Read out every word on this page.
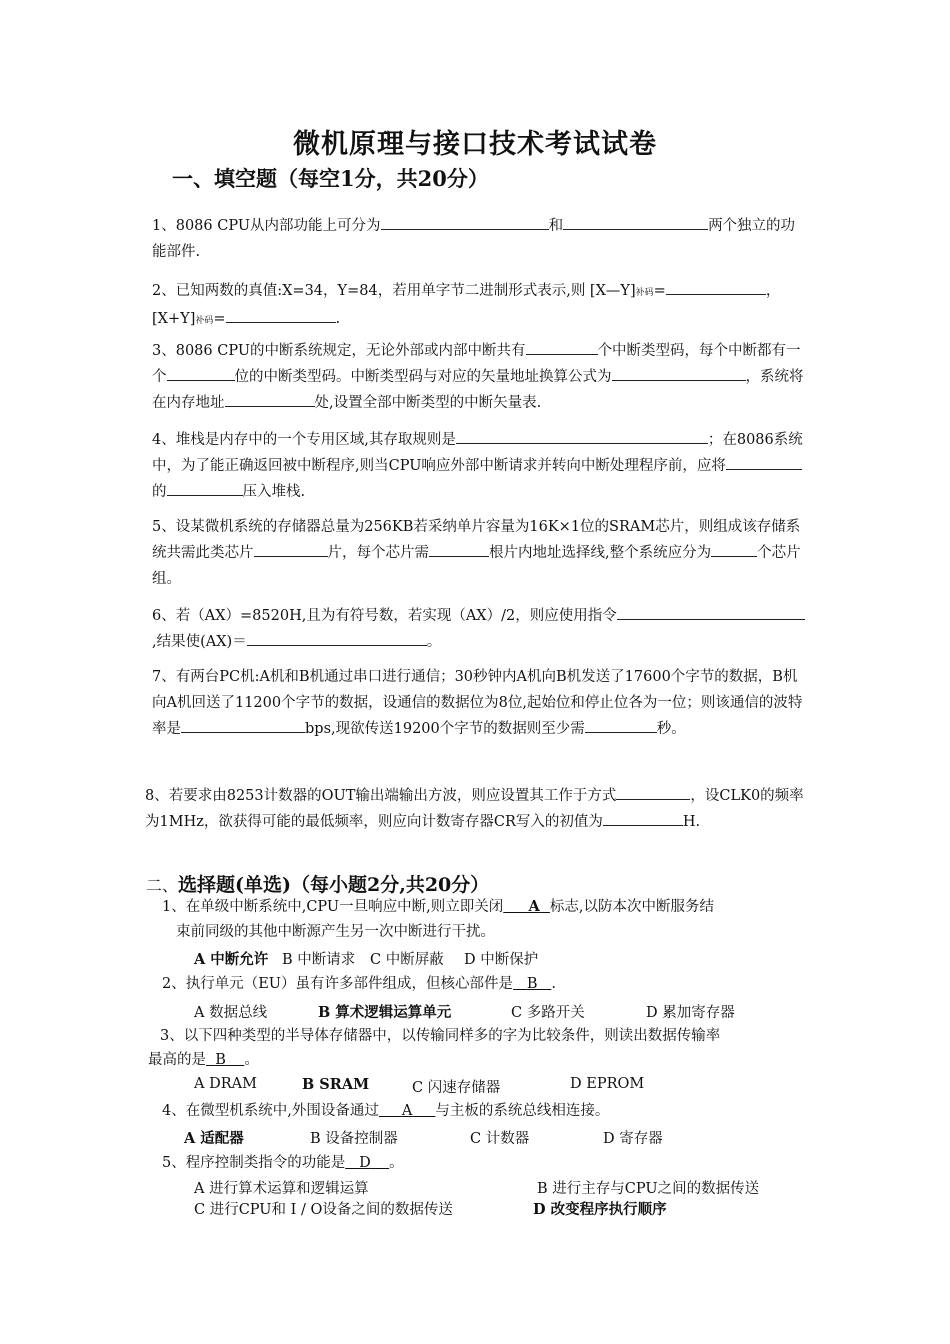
微机原理与接口技术考试试卷
一、填空题（每空1分，共20分）
1、8086 CPU从内部功能上可分为	和	两个独立的功能部件.
2、已知两数的真值:X=34，Y=84，若用单字节二进制形式表示,则 [X—Y]补码=	， [X+Y]补码=	.
3、8086 CPU的中断系统规定，无论外部或内部中断共有	个中断类型码，每个中断都有一个	位的中断类型码。中断类型码与对应的矢量地址换算公式为	，系统将在内存地址	处,设置全部中断类型的中断矢量表.
4、堆栈是内存中的一个专用区域,其存取规则是	；在8086系统中，为了能正确返回被中断程序,则当CPU响应外部中断请求并转向中断处理程序前，应将的	压入堆栈.
5、设某微机系统的存储器总量为256KB若采纳单片容量为16K×1位的SRAM芯片，则组成该存储系统共需此类芯片	片，每个芯片需	根片内地址选择线,整个系统应分为	个芯片组。
6、若（AX）=8520H,且为有符号数，若实现（AX）/2，则应使用指令,结果使(AX)＝	。
7、有两台PC机:A机和B机通过串口进行通信；30秒钟内A机向B机发送了17600个字节的数据，B机向A机回送了11200个字节的数据，设通信的数据位为8位,起始位和停止位各为一位；则该通信的波特率是	bps,现欲传送19200个字节的数据则至少需	秒。
8、若要求由8253计数器的OUT输出端输出方波，则应设置其工作于方式	，设CLK0的频率为1MHz，欲获得可能的最低频率，则应向计数寄存器CR写入的初值为	H.
二、选择题(单选)（每小题2分,共20分）
1、在单级中断系统中,CPU一旦响应中断,则立即关闭 A 标志,以防本次中断服务结
束前同级的其他中断源产生另一次中断进行干扰。
A 中断允许 B 中断请求 C 中断屏蔽 D 中断保护
2、执行单元（EU）虽有许多部件组成，但核心部件是 B .
A 数据总线	B 算术逻辑运算单元	C 多路开关	D 累加寄存器
3、以下四种类型的半导体存储器中，以传输同样多的字为比较条件，则读出数据传输率
最高的是 B 。
A DRAM	B SRAM	C 闪速存储器	D EPROM
4、在微型机系统中,外围设备通过 A 与主板的系统总线相连接。
A 适配器	B 设备控制器	C 计数器	D 寄存器
5、程序控制类指令的功能是 D 。
A 进行算术运算和逻辑运算	B 进行主存与CPU之间的数据传送
C 进行CPU和 I / O设备之间的数据传送	D 改变程序执行顺序
